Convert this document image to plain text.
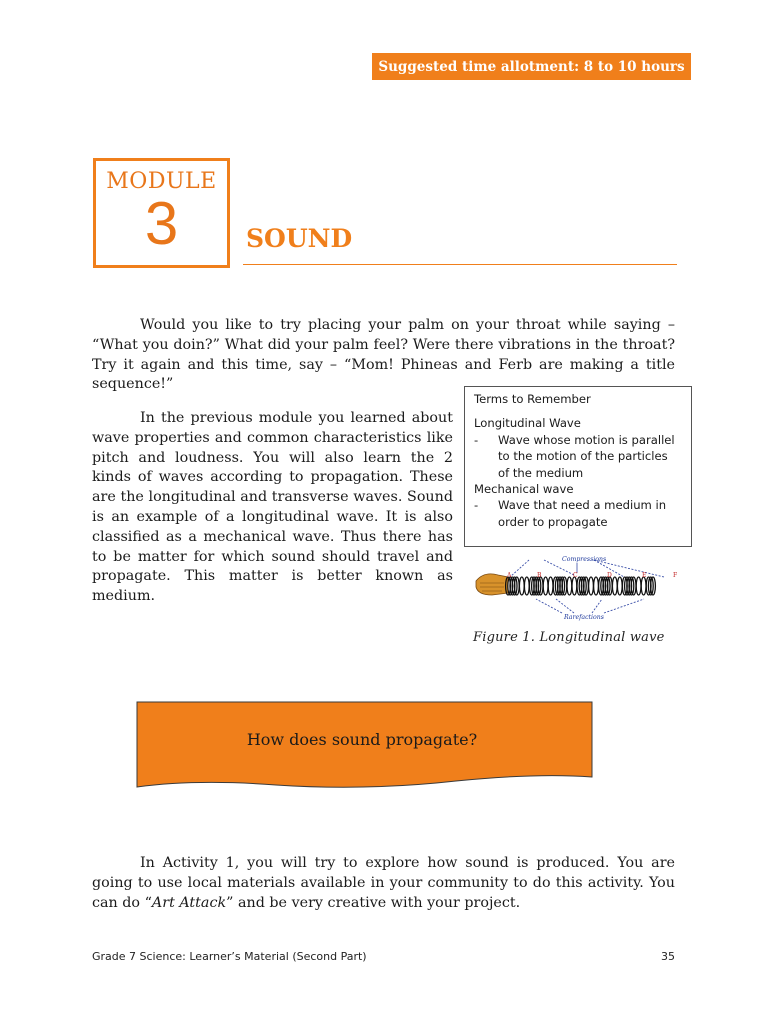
Suggested time allotment: 8 to 10 hours
MODULE
3	SOUND

Would you like to try placing your palm on your throat while saying – “What you doin?” What did your palm feel? Were there vibrations in the throat? Try it again and this time, say – “Mom! Phineas and Ferb are making a title sequence!”

Terms to Remember
Longitudinal Wave
- Wave whose motion is parallel to the motion of the particles of the medium
Mechanical wave
- Wave that need a medium in order to propagate

In the previous module you learned about wave properties and common characteristics like pitch and loudness. You will also learn the 2 kinds of waves according to propagation. These are the longitudinal and transverse waves. Sound is an example of a longitudinal wave. It is also classified as a mechanical wave. Thus there has to be matter for which sound should travel and propagate. This matter is better known as medium.

Compressions
A	B	C	D	E	F
Rarefactions
Figure 1. Longitudinal wave
How does sound propagate?

In Activity 1, you will try to explore how sound is produced. You are going to use local materials available in your community to do this activity. You can do “Art Attack” and be very creative with your project.

Grade 7 Science: Learner’s Material (Second Part)	35
